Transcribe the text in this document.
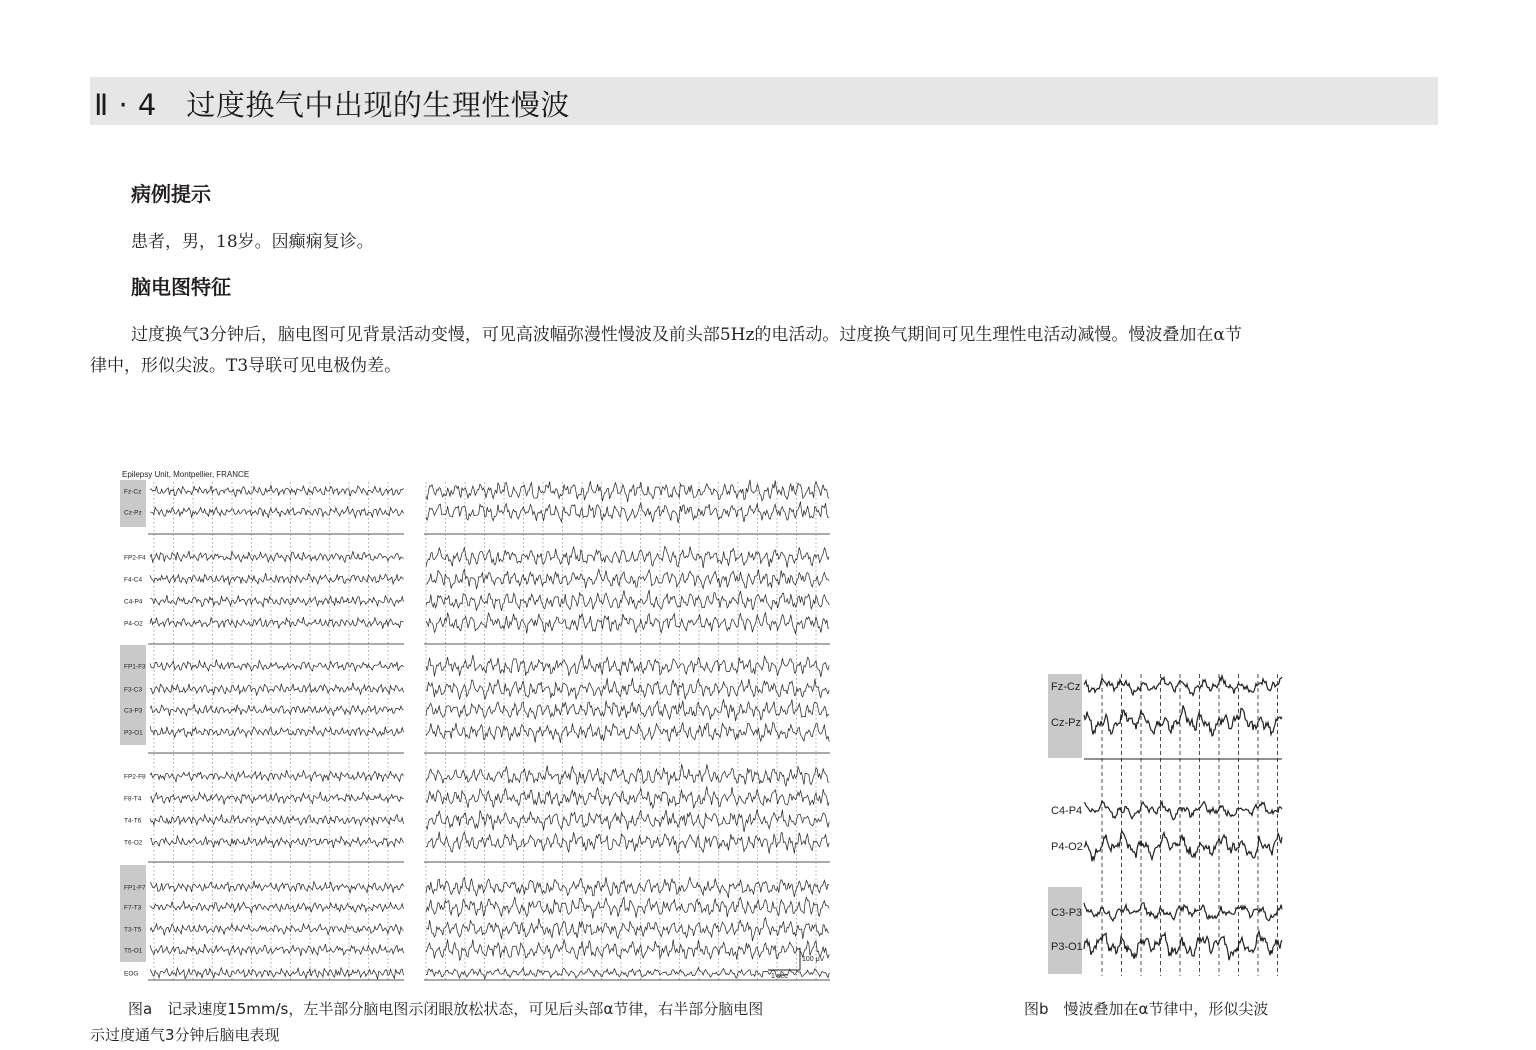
Ⅱ · 4　过度换气中出现的生理性慢波
病例提示
患者，男，18岁。因癫痫复诊。
脑电图特征
过度换气3分钟后，脑电图可见背景活动变慢，可见高波幅弥漫性慢波及前头部5Hz的电活动。过度换气期间可见生理性电活动减慢。慢波叠加在α节
律中，形似尖波。T3导联可见电极伪差。
Epilepsy Unit, Montpellier, FRANCE
Fz-Cz
Cz-Pz
FP2-F4
F4-C4
C4-P4
P4-O2
FP1-F3
F3-C3
C3-P3
P3-O1
FP2-F8
F8-T4
T4-T6
T6-O2
FP1-F7
F7-T3
T3-T5
T5-O1
EOG
100 μV
1 sec
图a　记录速度15mm/s，左半部分脑电图示闭眼放松状态，可见后头部α节律，右半部分脑电图
示过度通气3分钟后脑电表现
Fz-Cz
Cz-Pz
C4-P4
P4-O2
C3-P3
P3-O1
图b　慢波叠加在α节律中，形似尖波
